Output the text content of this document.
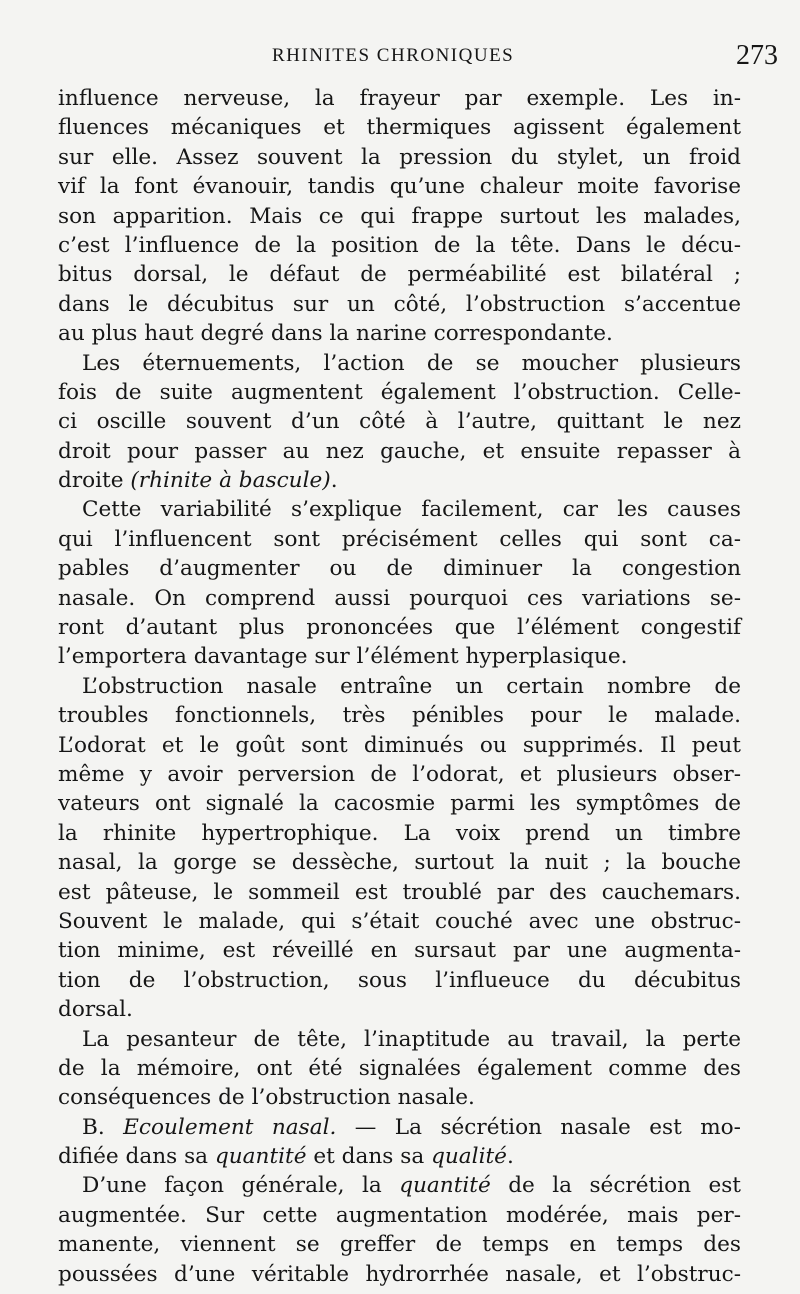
RHINITES CHRONIQUES	273
influence nerveuse, la frayeur par exemple. Les in-
fluences mécaniques et thermiques agissent également
sur elle. Assez souvent la pression du stylet, un froid
vif la font évanouir, tandis qu’une chaleur moite favorise
son apparition. Mais ce qui frappe surtout les malades,
c’est l’influence de la position de la tête. Dans le décu-
bitus dorsal, le défaut de perméabilité est bilatéral ;
dans le décubitus sur un côté, l’obstruction s’accentue
au plus haut degré dans la narine correspondante.
Les éternuements, l’action de se moucher plusieurs
fois de suite augmentent également l’obstruction. Celle-
ci oscille souvent d’un côté à l’autre, quittant le nez
droit pour passer au nez gauche, et ensuite repasser à
droite (rhinite à bascule).
Cette variabilité s’explique facilement, car les causes
qui l’influencent sont précisément celles qui sont ca-
pables d’augmenter ou de diminuer la congestion
nasale. On comprend aussi pourquoi ces variations se-
ront d’autant plus prononcées que l’élément congestif
l’emportera davantage sur l’élément hyperplasique.
L’obstruction nasale entraîne un certain nombre de
troubles fonctionnels, très pénibles pour le malade.
L’odorat et le goût sont diminués ou supprimés. Il peut
même y avoir perversion de l’odorat, et plusieurs obser-
vateurs ont signalé la cacosmie parmi les symptômes de
la rhinite hypertrophique. La voix prend un timbre
nasal, la gorge se dessèche, surtout la nuit ; la bouche
est pâteuse, le sommeil est troublé par des cauchemars.
Souvent le malade, qui s’était couché avec une obstruc-
tion minime, est réveillé en sursaut par une augmenta-
tion de l’obstruction, sous l’influeuce du décubitus
dorsal.
La pesanteur de tête, l’inaptitude au travail, la perte
de la mémoire, ont été signalées également comme des
conséquences de l’obstruction nasale.
B. Ecoulement nasal. — La sécrétion nasale est mo-
difiée dans sa quantité et dans sa qualité.
D’une façon générale, la quantité de la sécrétion est
augmentée. Sur cette augmentation modérée, mais per-
manente, viennent se greffer de temps en temps des
poussées d’une véritable hydrorrhée nasale, et l’obstruc-
